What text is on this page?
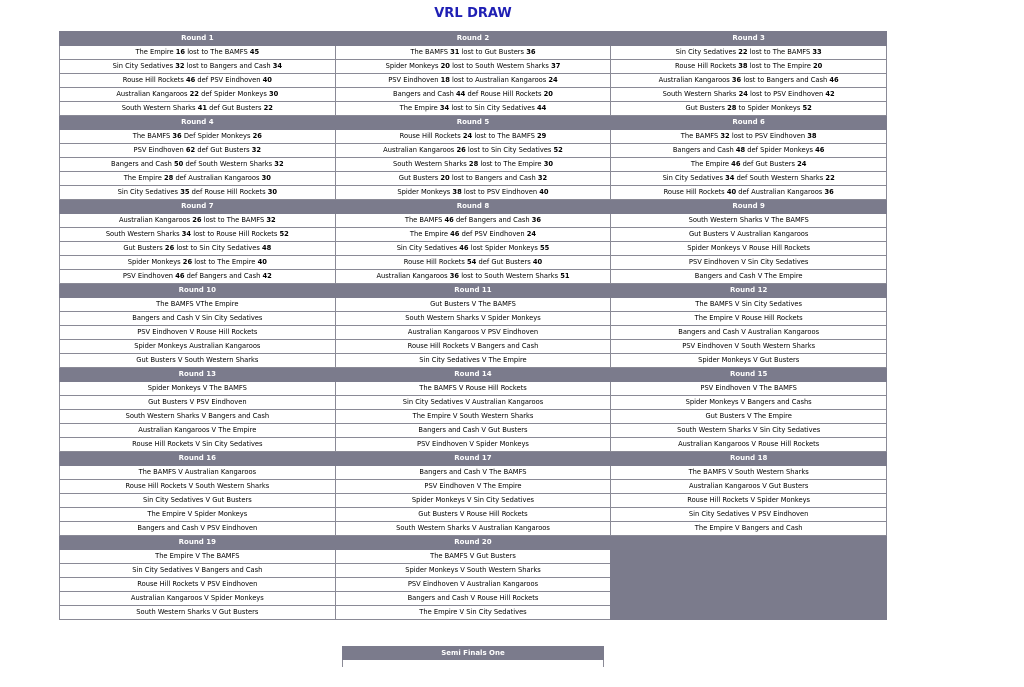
VRL DRAW
Round 1	Round 2	Round 3
The Empire 16 lost to The BAMFS 45	The BAMFS 31 lost to Gut Busters 36	Sin City Sedatives 22 lost to The BAMFS 33
Sin City Sedatives 32 lost to Bangers and Cash 34	Spider Monkeys 20 lost to South Western Sharks 37	Rouse Hill Rockets 38 lost to The Empire 20
Rouse Hill Rockets 46 def PSV Eindhoven 40	PSV Eindhoven 18 lost to Australian Kangaroos 24	Australian Kangaroos 36 lost to Bangers and Cash 46
Australian Kangaroos 22 def Spider Monkeys 30	Bangers and Cash 44 def Rouse Hill Rockets 20	South Western Sharks 24 lost to PSV Eindhoven 42
South Western Sharks 41 def Gut Busters 22	The Empire 34 lost to Sin City Sedatives 44	Gut Busters 28 to Spider Monkeys 52
Round 4	Round 5	Round 6
The BAMFS 36 Def Spider Monkeys 26	Rouse Hill Rockets 24 lost to The BAMFS 29	The BAMFS 32 lost to PSV Eindhoven 38
PSV Eindhoven 62 def Gut Busters 32	Australian Kangaroos 26 lost to Sin City Sedatives 52	Bangers and Cash 48 def Spider Monkeys 46
Bangers and Cash 50 def South Western Sharks 32	South Western Sharks 28 lost to The Empire 30	The Empire 46 def Gut Busters 24
The Empire 28 def Australian Kangaroos 30	Gut Busters 20 lost to Bangers and Cash 32	Sin City Sedatives 34 def South Western Sharks 22
Sin City Sedatives 35 def Rouse Hill Rockets 30	Spider Monkeys 38 lost to PSV Eindhoven 40	Rouse Hill Rockets 40 def Australian Kangaroos 36
Round 7	Round 8	Round 9
Australian Kangaroos 26 lost to The BAMFS 32	The BAMFS 46 def Bangers and Cash 36	South Western Sharks V The BAMFS
South Western Sharks 34 lost to Rouse Hill Rockets 52	The Empire 46 def PSV Eindhoven 24	Gut Busters V Australian Kangaroos
Gut Busters 26 lost to Sin City Sedatives 48	Sin City Sedatives 46 lost Spider Monkeys 55	Spider Monkeys V Rouse Hill Rockets
Spider Monkeys 26 lost to The Empire 40	Rouse Hill Rockets 54 def Gut Busters 40	PSV Eindhoven V Sin City Sedatives
PSV Eindhoven 46 def Bangers and Cash 42	Australian Kangaroos 36 lost to South Western Sharks 51	Bangers and Cash V The Empire
Round 10	Round 11	Round 12
The BAMFS VThe Empire	Gut Busters V The BAMFS	The BAMFS V Sin City Sedatives
Bangers and Cash V Sin City Sedatives	South Western Sharks V Spider Monkeys	The Empire V Rouse Hill Rockets
PSV Eindhoven V Rouse Hill Rockets	Australian Kangaroos V PSV Eindhoven	Bangers and Cash V Australian Kangaroos
Spider Monkeys Australian Kangaroos	Rouse Hill Rockets V Bangers and Cash	PSV Eindhoven V South Western Sharks
Gut Busters V South Western Sharks	Sin City Sedatives V The Empire	Spider Monkeys V Gut Busters
Round 13	Round 14	Round 15
Spider Monkeys V The BAMFS	The BAMFS V Rouse Hill Rockets	PSV Eindhoven V The BAMFS
Gut Busters V PSV Eindhoven	Sin City Sedatives V Australian Kangaroos	Spider Monkeys V Bangers and Cashs
South Western Sharks V Bangers and Cash	The Empire V South Western Sharks	Gut Busters V The Empire
Australian Kangaroos V The Empire	Bangers and Cash V Gut Busters	South Western Sharks V Sin City Sedatives
Rouse Hill Rockets V Sin City Sedatives	PSV Eindhoven V Spider Monkeys	Australian Kangaroos V Rouse Hill Rockets
Round 16	Round 17	Round 18
The BAMFS V Australian Kangaroos	Bangers and Cash V The BAMFS	The BAMFS V South Western Sharks
Rouse Hill Rockets V South Western Sharks	PSV Eindhoven V The Empire	Australian Kangaroos V Gut Busters
Sin City Sedatives V Gut Busters	Spider Monkeys V Sin City Sedatives	Rouse Hill Rockets V Spider Monkeys
The Empire V Spider Monkeys	Gut Busters V Rouse Hill Rockets	Sin City Sedatives V PSV Eindhoven
Bangers and Cash V PSV Eindhoven	South Western Sharks V Australian Kangaroos	The Empire V Bangers and Cash
Round 19	Round 20	
The Empire V The BAMFS	The BAMFS V Gut Busters	
Sin City Sedatives V Bangers and Cash	Spider Monkeys V South Western Sharks	
Rouse Hill Rockets V PSV Eindhoven	PSV Eindhoven V Australian Kangaroos	
Australian Kangaroos V Spider Monkeys	Bangers and Cash V Rouse Hill Rockets	
South Western Sharks V Gut Busters	The Empire V Sin City Sedatives	
Semi Finals One
